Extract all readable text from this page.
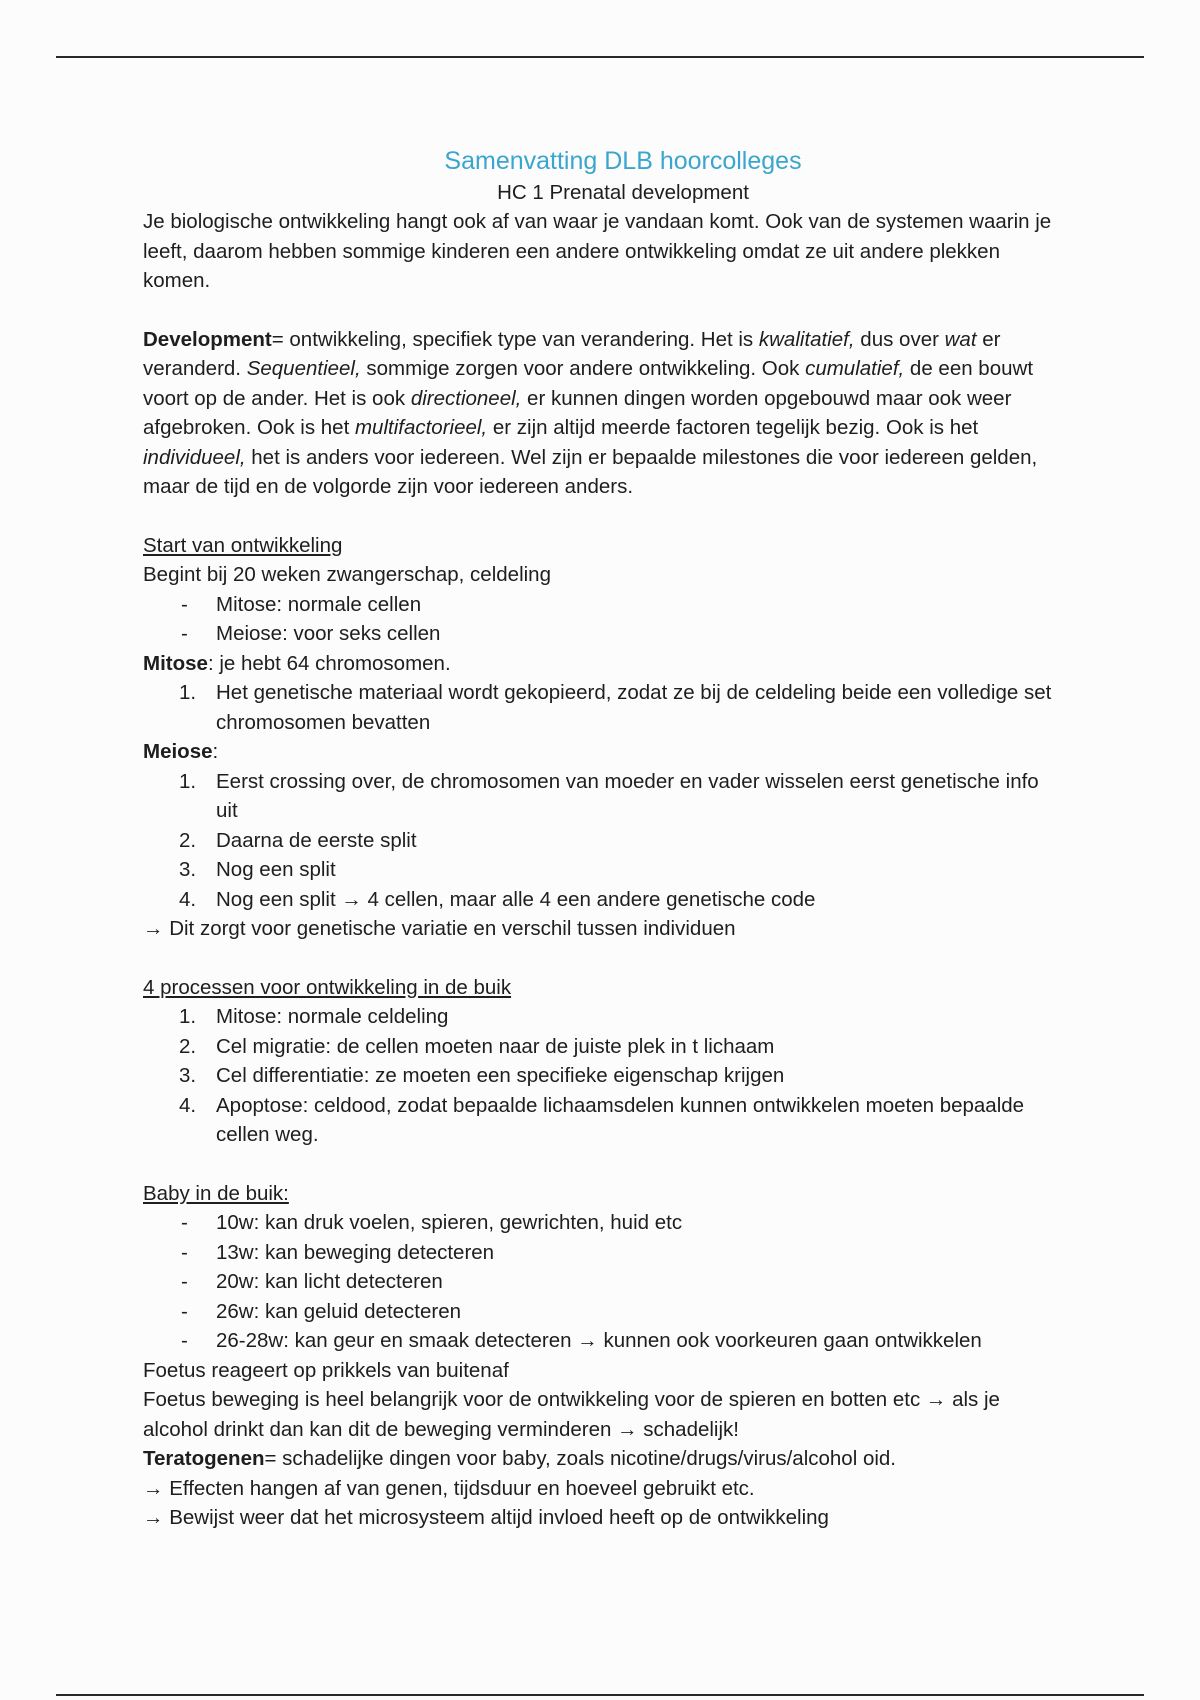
Samenvatting DLB hoorcolleges
HC 1 Prenatal development

Je biologische ontwikkeling hangt ook af van waar je vandaan komt. Ook van de systemen waarin je leeft, daarom hebben sommige kinderen een andere ontwikkeling omdat ze uit andere plekken komen.

Development= ontwikkeling, specifiek type van verandering. Het is kwalitatief, dus over wat er veranderd. Sequentieel, sommige zorgen voor andere ontwikkeling. Ook cumulatief, de een bouwt voort op de ander. Het is ook directioneel, er kunnen dingen worden opgebouwd maar ook weer afgebroken. Ook is het multifactorieel, er zijn altijd meerde factoren tegelijk bezig. Ook is het individueel, het is anders voor iedereen. Wel zijn er bepaalde milestones die voor iedereen gelden, maar de tijd en de volgorde zijn voor iedereen anders.

Start van ontwikkeling

Begint bij 20 weken zwangerschap, celdeling

- Mitose: normale cellen
- Meiose: voor seks cellen

Mitose: je hebt 64 chromosomen.

1. Het genetische materiaal wordt gekopieerd, zodat ze bij de celdeling beide een volledige set chromosomen bevatten

Meiose:

1. Eerst crossing over, de chromosomen van moeder en vader wisselen eerst genetische info uit
2. Daarna de eerste split
3. Nog een split
4. Nog een split → 4 cellen, maar alle 4 een andere genetische code

→ Dit zorgt voor genetische variatie en verschil tussen individuen

4 processen voor ontwikkeling in de buik

1. Mitose: normale celdeling
2. Cel migratie: de cellen moeten naar de juiste plek in t lichaam
3. Cel differentiatie: ze moeten een specifieke eigenschap krijgen
4. Apoptose: celdood, zodat bepaalde lichaamsdelen kunnen ontwikkelen moeten bepaalde cellen weg.

Baby in de buik:

- 10w: kan druk voelen, spieren, gewrichten, huid etc
- 13w: kan beweging detecteren
- 20w: kan licht detecteren
- 26w: kan geluid detecteren
- 26-28w: kan geur en smaak detecteren → kunnen ook voorkeuren gaan ontwikkelen

Foetus reageert op prikkels van buitenaf

Foetus beweging is heel belangrijk voor de ontwikkeling voor de spieren en botten etc → als je alcohol drinkt dan kan dit de beweging verminderen → schadelijk!

Teratogenen= schadelijke dingen voor baby, zoals nicotine/drugs/virus/alcohol oid.

→ Effecten hangen af van genen, tijdsduur en hoeveel gebruikt etc.

→ Bewijst weer dat het microsysteem altijd invloed heeft op de ontwikkeling
